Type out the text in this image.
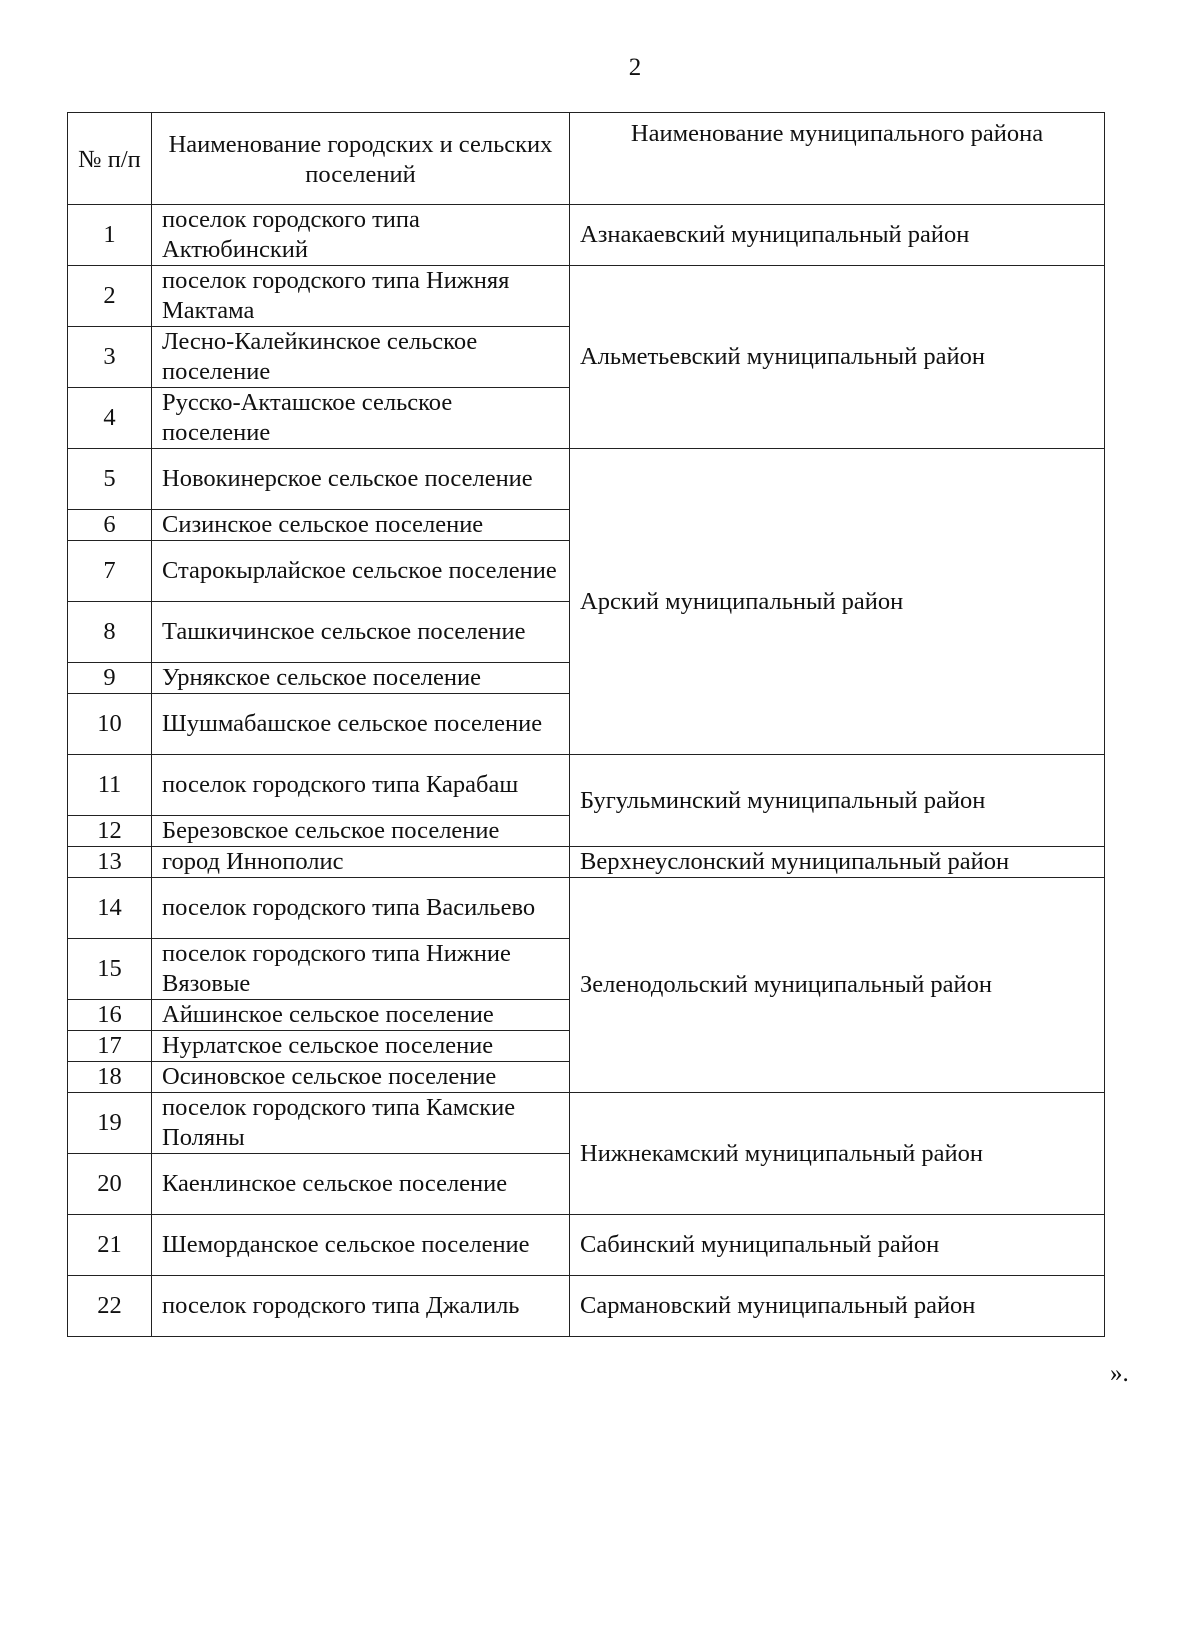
2
№ п/п	Наименование городских и сельских поселений	Наименование муниципального района
1	поселок городского типа Актюбинский	Азнакаевский муниципальный район
2	поселок городского типа Нижняя Мактама	Альметьевский муниципальный район
3	Лесно-Калейкинское сельское поселение	
4	Русско-Акташское сельское поселение	
5	Новокинерское сельское поселение	Арский муниципальный район
6	Сизинское сельское поселение	
7	Старокырлайское сельское поселение	
8	Ташкичинское сельское поселение	
9	Урнякское сельское поселение	
10	Шушмабашское сельское поселение	
11	поселок городского типа Карабаш	Бугульминский муниципальный район
12	Березовское сельское поселение	
13	город Иннополис	Верхнеуслонский муниципальный район
14	поселок городского типа Васильево	Зеленодольский муниципальный район
15	поселок городского типа Нижние Вязовые	
16	Айшинское сельское поселение	
17	Нурлатское сельское поселение	
18	Осиновское сельское поселение	
19	поселок городского типа Камские Поляны	Нижнекамский муниципальный район
20	Каенлинское сельское поселение	
21	Шеморданское сельское поселение	Сабинский муниципальный район
22	поселок городского типа Джалиль	Сармановский муниципальный район
».
